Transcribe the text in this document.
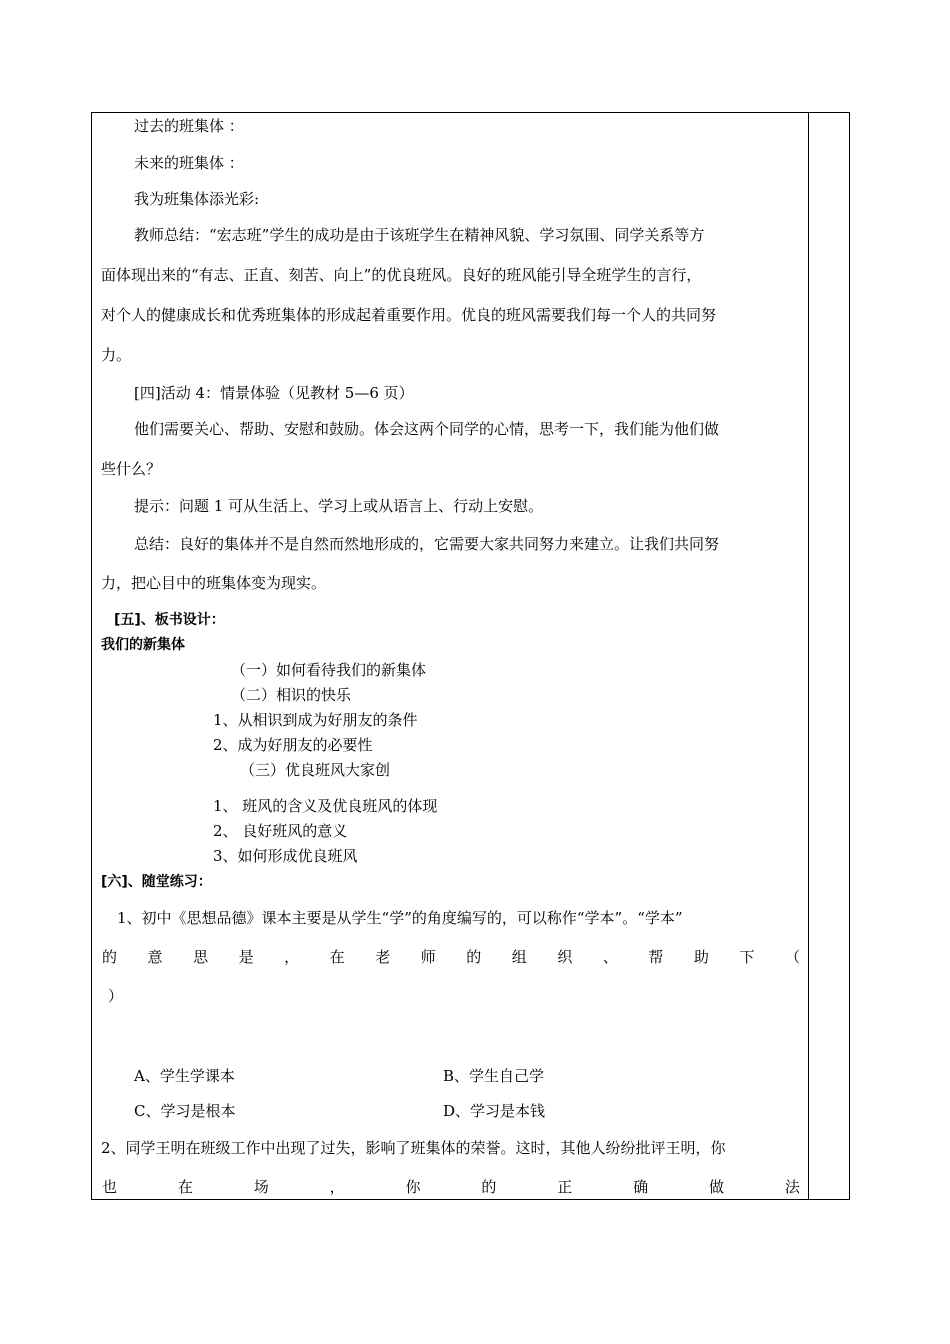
过去的班集体 ：
未来的班集体 ：
我为班集体添光彩:
教师总结：“宏志班”学生的成功是由于该班学生在精神风貌、学习氛围、同学关系等方
面体现出来的“有志、正直、刻苦、向上”的优良班风。良好的班风能引导全班学生的言行，
对个人的健康成长和优秀班集体的形成起着重要作用。优良的班风需要我们每一个人的共同努
力。
[四]活动 4：情景体验（见教材 5—6 页）
他们需要关心、帮助、安慰和鼓励。体会这两个同学的心情，思考一下，我们能为他们做
些什么？
提示：问题 1 可从生活上、学习上或从语言上、行动上安慰。
总结：良好的集体并不是自然而然地形成的，它需要大家共同努力来建立。让我们共同努
力，把心目中的班集体变为现实。
[五]、板书设计：
我们的新集体
（一）如何看待我们的新集体
（二）相识的快乐
1、从相识到成为好朋友的条件
2、成为好朋友的必要性
（三）优良班风大家创
1、 班风的含义及优良班风的体现
2、 良好班风的意义
3、如何形成优良班风
[六]、随堂练习：
1、初中《思想品德》课本主要是从学生“学”的角度编写的，可以称作“学本”。“学本”
的 意 思 是 ， 在 老 师 的 组 织 、 帮 助 下 （
）
A、学生学课本	B、学生自己学
C、学习是根本	D、学习是本钱
2、同学王明在班级工作中出现了过失，影响了班集体的荣誉。这时，其他人纷纷批评王明，你
也	在	场	，	你	的	正	确	做	法
